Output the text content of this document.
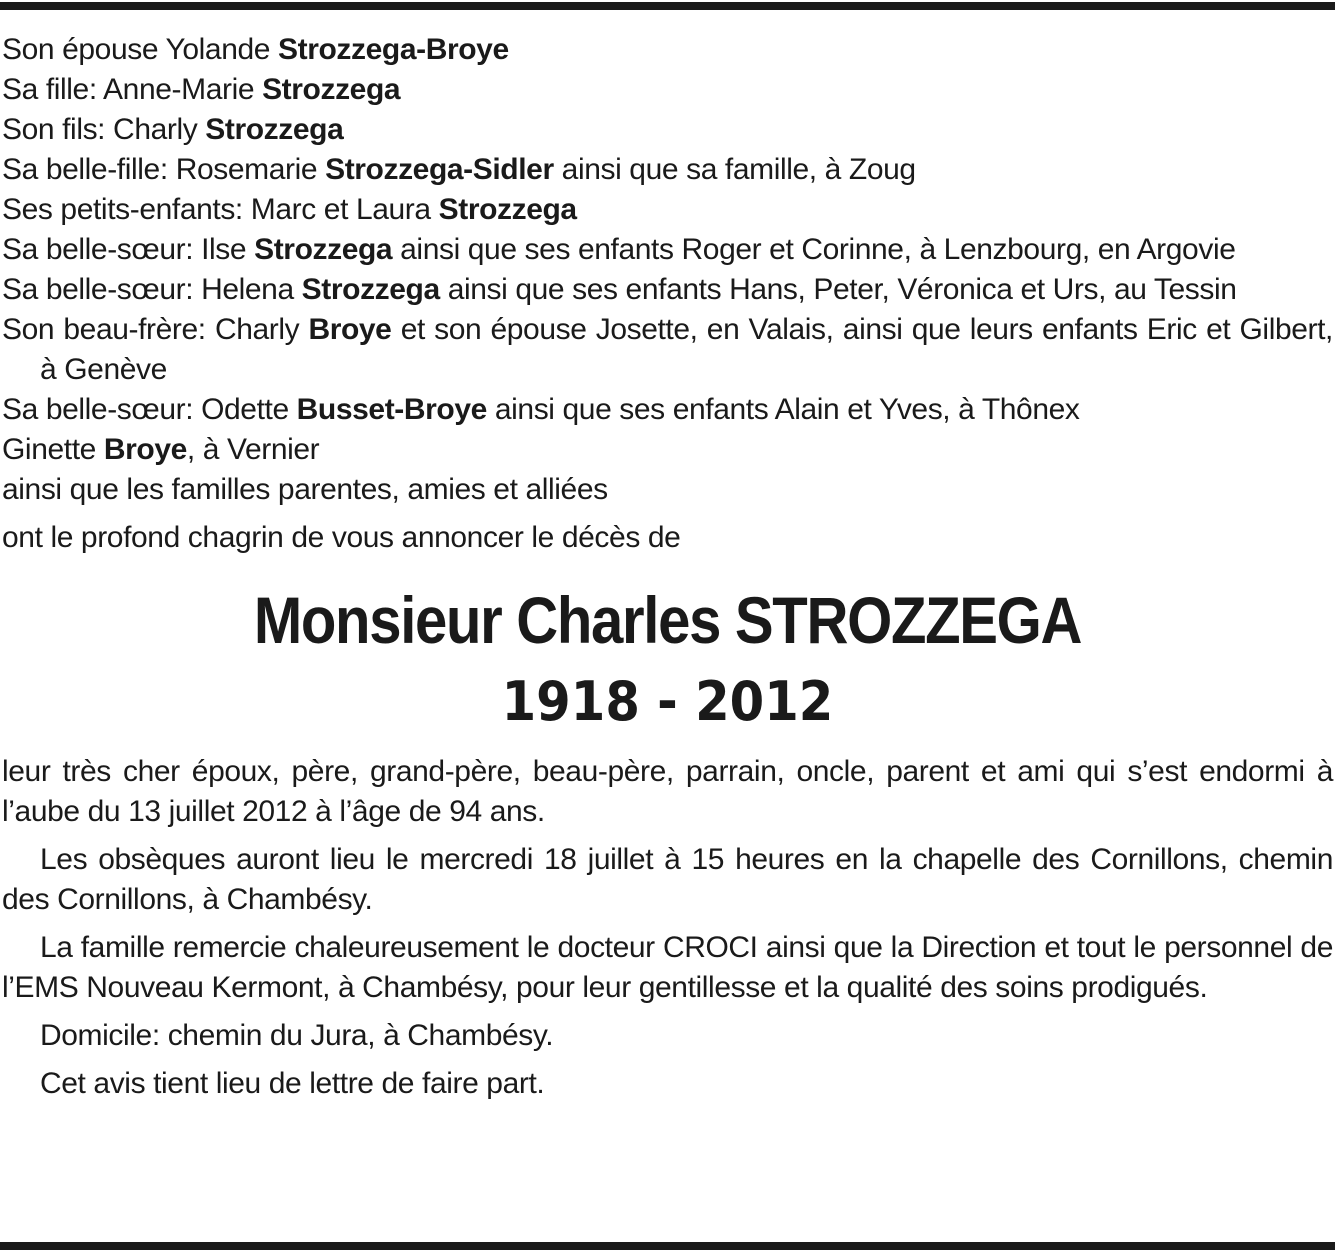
Son épouse Yolande Strozzega-Broye
Sa fille: Anne-Marie Strozzega
Son fils: Charly Strozzega
Sa belle-fille: Rosemarie Strozzega-Sidler ainsi que sa famille, à Zoug
Ses petits-enfants: Marc et Laura Strozzega
Sa belle-sœur: Ilse Strozzega ainsi que ses enfants Roger et Corinne, à Lenzbourg, en Argovie
Sa belle-sœur: Helena Strozzega ainsi que ses enfants Hans, Peter, Véronica et Urs, au Tessin
Son beau-frère: Charly Broye et son épouse Josette, en Valais, ainsi que leurs enfants Eric et Gilbert, à Genève
Sa belle-sœur: Odette Busset-Broye ainsi que ses enfants Alain et Yves, à Thônex
Ginette Broye, à Vernier
ainsi que les familles parentes, amies et alliées

ont le profond chagrin de vous annoncer le décès de

Monsieur Charles STROZZEGA
1918 - 2012

leur très cher époux, père, grand-père, beau-père, parrain, oncle, parent et ami qui s’est endormi à l’aube du 13 juillet 2012 à l’âge de 94 ans.

Les obsèques auront lieu le mercredi 18 juillet à 15 heures en la chapelle des Cornillons, chemin des Cornillons, à Chambésy.

La famille remercie chaleureusement le docteur CROCI ainsi que la Direction et tout le personnel de l’EMS Nouveau Kermont, à Chambésy, pour leur gentillesse et la qualité des soins prodigués.

Domicile: chemin du Jura, à Chambésy.

Cet avis tient lieu de lettre de faire part.
